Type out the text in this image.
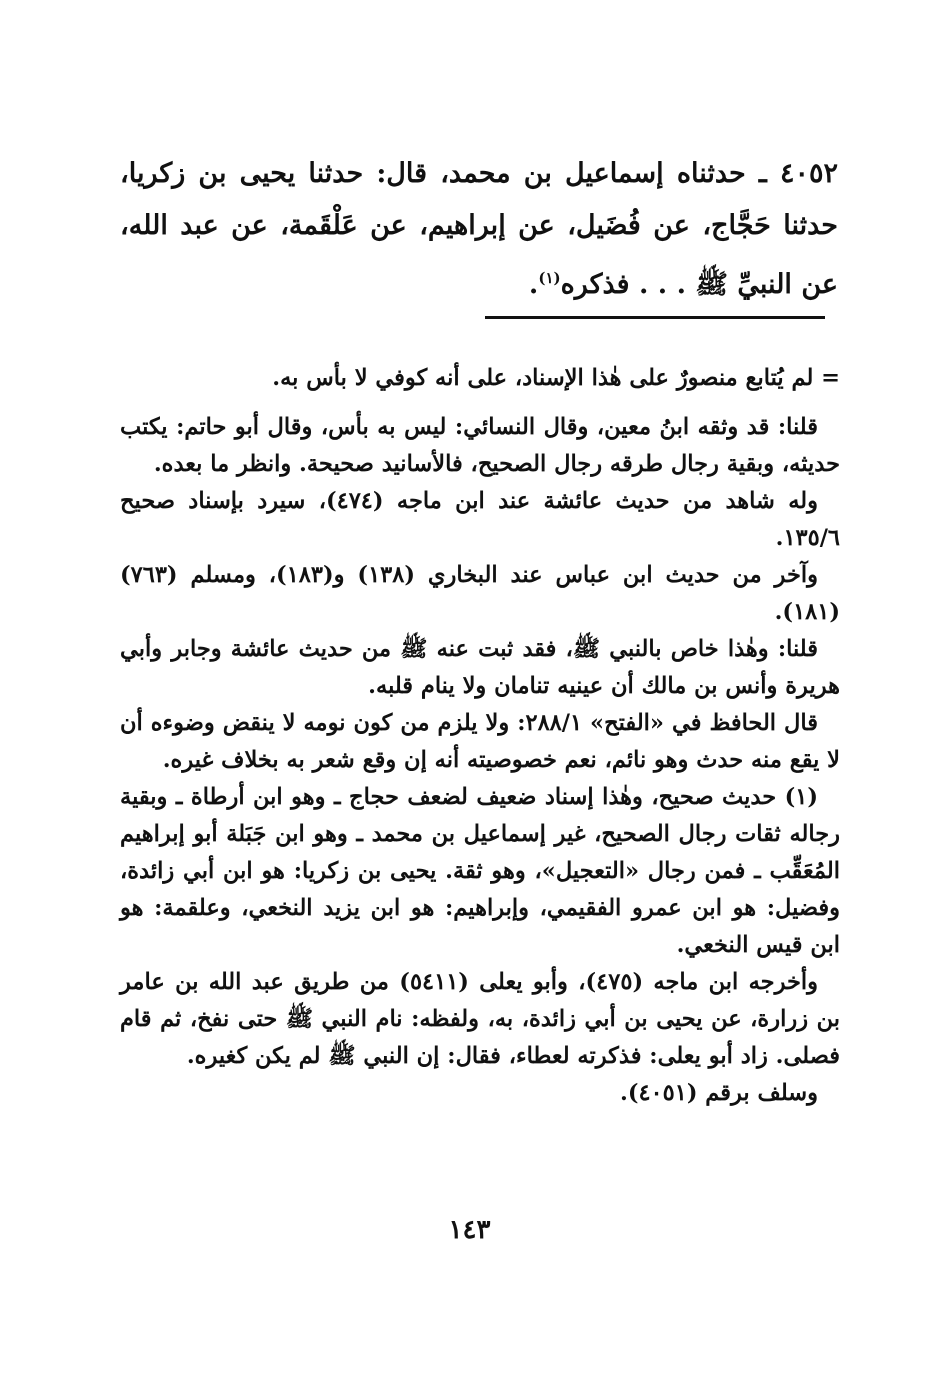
٤٠٥٢ ـ حدثناه إسماعيل بن محمد، قال: حدثنا يحيى بن زكريا، حدثنا حَجَّاج، عن فُضَيل، عن إبراهيم، عن عَلْقَمة، عن عبد الله، عن النبيِّ ﷺ . . . فذكره$^{(١)}$.

= لم يُتابع منصورٌ على هٰذا الإسناد، على أنه كوفي لا بأس به.

قلنا: قد وثقه ابنُ معين، وقال النسائي: ليس به بأس، وقال أبو حاتم: يكتب حديثه، وبقية رجال طرقه رجال الصحيح، فالأسانيد صحيحة. وانظر ما بعده.

وله شاهد من حديث عائشة عند ابن ماجه (٤٧٤)، سيرد بإسناد صحيح ١٣٥/٦.

وآخر من حديث ابن عباس عند البخاري (١٣٨) و(١٨٣)، ومسلم (٧٦٣) (١٨١).

قلنا: وهٰذا خاص بالنبي ﷺ، فقد ثبت عنه ﷺ من حديث عائشة وجابر وأبي هريرة وأنس بن مالك أن عينيه تنامان ولا ينام قلبه.

قال الحافظ في «الفتح» ٢٨٨/١: ولا يلزم من كون نومه لا ينقض وضوءه أن لا يقع منه حدث وهو نائم، نعم خصوصيته أنه إن وقع شعر به بخلاف غيره.

(١) حديث صحيح، وهٰذا إسناد ضعيف لضعف حجاج ـ وهو ابن أرطاة ـ وبقية رجاله ثقات رجال الصحيح، غير إسماعيل بن محمد ـ وهو ابن جَبَلة أبو إبراهيم المُعَقِّب ـ فمن رجال «التعجيل»، وهو ثقة. يحيى بن زكريا: هو ابن أبي زائدة، وفضيل: هو ابن عمرو الفقيمي، وإبراهيم: هو ابن يزيد النخعي، وعلقمة: هو ابن قيس النخعي.

وأخرجه ابن ماجه (٤٧٥)، وأبو يعلى (٥٤١١) من طريق عبد الله بن عامر بن زرارة، عن يحيى بن أبي زائدة، به، ولفظه: نام النبي ﷺ حتى نفخ، ثم قام فصلى. زاد أبو يعلى: فذكرته لعطاء، فقال: إن النبي ﷺ لم يكن كغيره.

وسلف برقم (٤٠٥١).

١٤٣
